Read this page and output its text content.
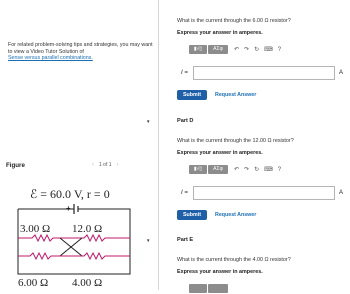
For related problem-solving tips and strategies, you may want to view a Video Tutor Solution of
Sense versus parallel combinations.
Figure	‹ 1 of 1 ›
ℰ = 60.0 V, r = 0
+
3.00 Ω 12.0 Ω
6.00 Ω 4.00 Ω
What is the current through the 6.00 Ω resistor?
Express your answer in amperes.
▮√▯	ΑΣφ	↶ ↷ ↻ ⌨ ?
I =	A
Submit	Request Answer
▼	Part D
What is the current through the 12.00 Ω resistor?
Express your answer in amperes.
▮√▯	ΑΣφ	↶ ↷ ↻ ⌨ ?
I =	A
Submit	Request Answer
▼	Part E
What is the current through the 4.00 Ω resistor?
Express your answer in amperes.
